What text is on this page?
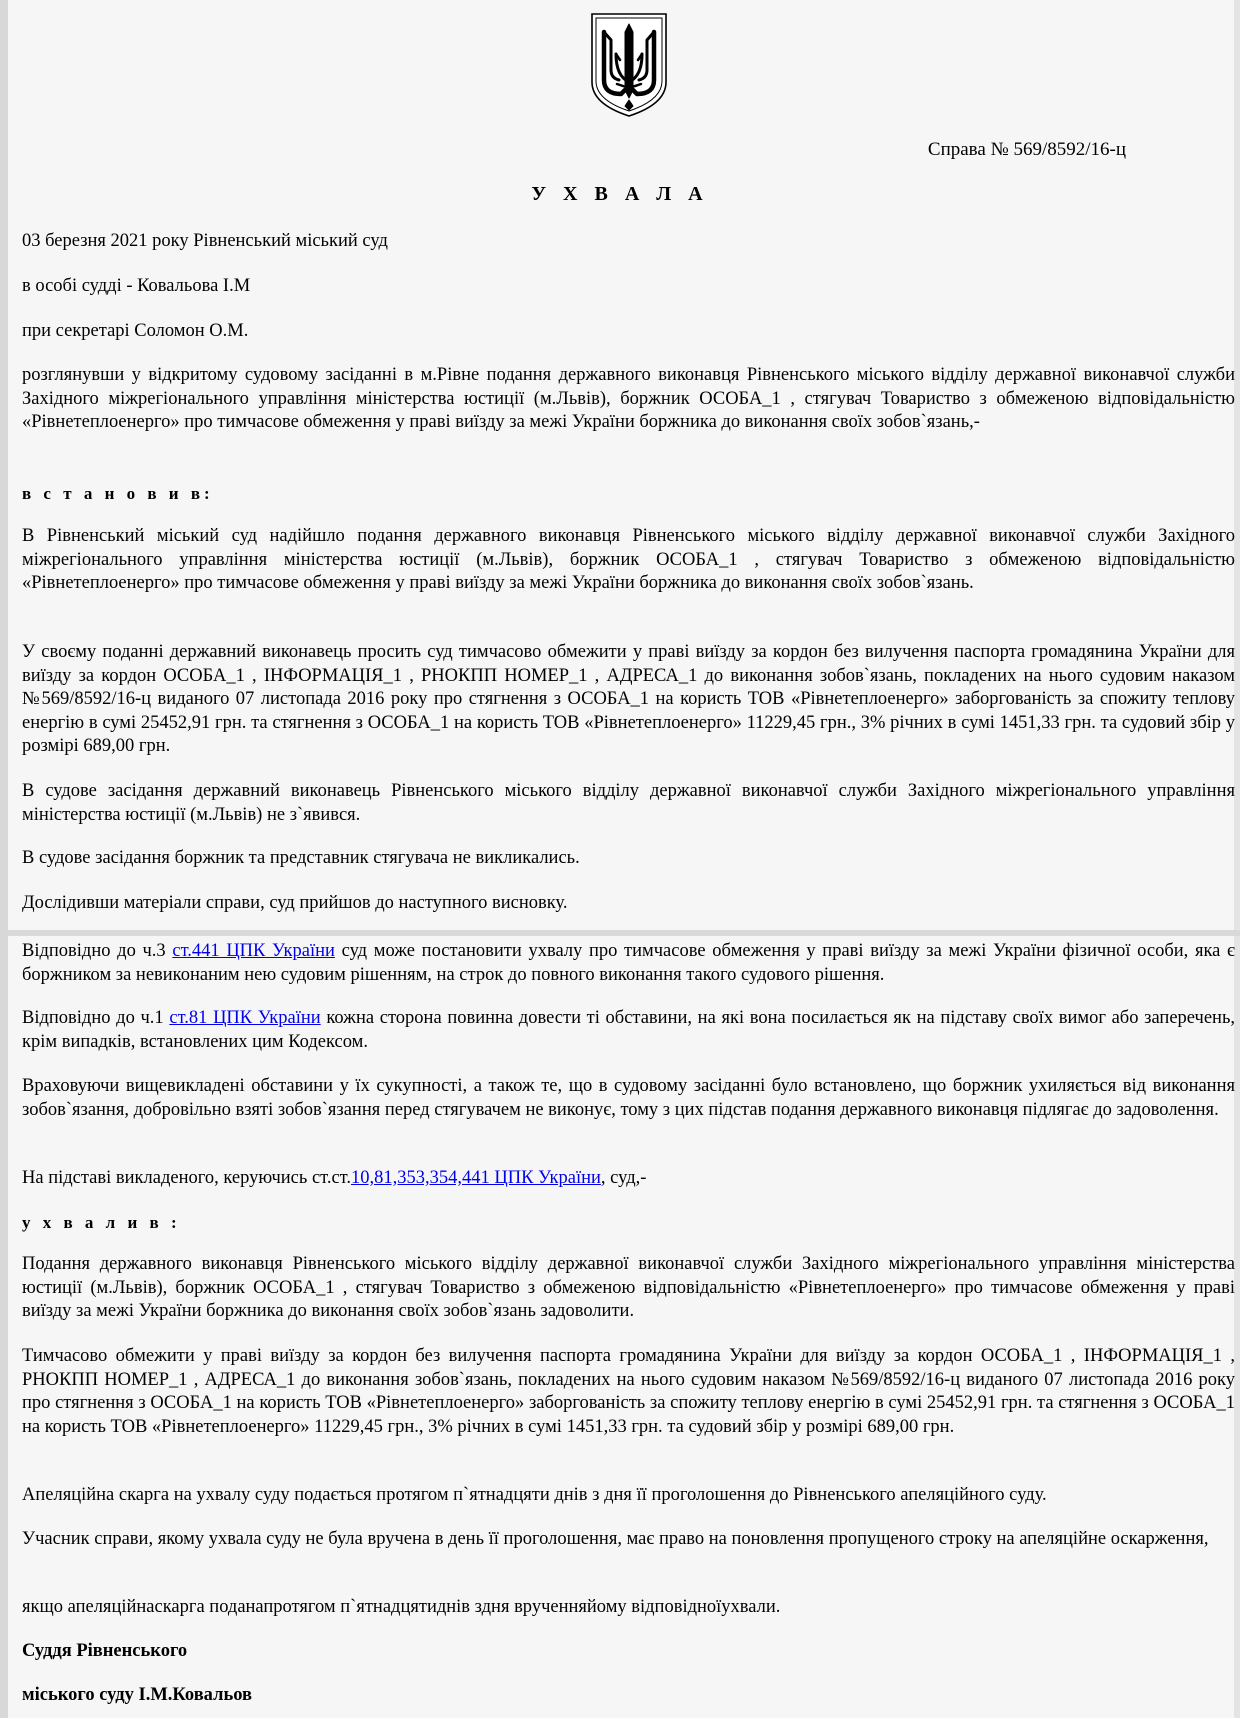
Справа № 569/8592/16-ц
У Х В А Л А
03 березня 2021 року Рівненський міський суд
в особі судді - Ковальова І.М
при секретарі Соломон О.М.
розглянувши у відкритому судовому засіданні в м.Рівне подання державного виконавця Рівненського міського відділу державної виконавчої служби Західного міжрегіонального управління міністерства юстиції (м.Львів), боржник ОСОБА_1 , стягувач Товариство з обмеженою відповідальністю «Рівнетеплоенерго» про тимчасове обмеження у праві виїзду за межі України боржника до виконання своїх зобов`язань,-
в с т а н о в и в:
В Рівненський міський суд надійшло подання державного виконавця Рівненського міського відділу державної виконавчої служби Західного міжрегіонального управління міністерства юстиції (м.Львів), боржник ОСОБА_1 , стягувач Товариство з обмеженою відповідальністю «Рівнетеплоенерго» про тимчасове обмеження у праві виїзду за межі України боржника до виконання своїх зобов`язань.
У своєму поданні державний виконавець просить суд тимчасово обмежити у праві виїзду за кордон без вилучення паспорта громадянина України для виїзду за кордон ОСОБА_1 , ІНФОРМАЦІЯ_1 , РНОКПП НОМЕР_1 , АДРЕСА_1 до виконання зобов`язань, покладених на нього судовим наказом №569/8592/16-ц виданого 07 листопада 2016 року про стягнення з ОСОБА_1 на користь ТОВ «Рівнетеплоенерго» заборгованість за спожиту теплову енергію в сумі 25452,91 грн. та стягнення з ОСОБА_1 на користь ТОВ «Рівнетеплоенерго» 11229,45 грн., 3% річних в сумі 1451,33 грн. та судовий збір у розмірі 689,00 грн.
В судове засідання державний виконавець Рівненського міського відділу державної виконавчої служби Західного міжрегіонального управління міністерства юстиції (м.Львів) не з`явився.
В судове засідання боржник та представник стягувача не викликались.
Дослідивши матеріали справи, суд прийшов до наступного висновку.
Відповідно до ч.3 ст.441 ЦПК України суд може постановити ухвалу про тимчасове обмеження у праві виїзду за межі України фізичної особи, яка є боржником за невиконаним нею судовим рішенням, на строк до повного виконання такого судового рішення.
Відповідно до ч.1 ст.81 ЦПК України кожна сторона повинна довести ті обставини, на які вона посилається як на підставу своїх вимог або заперечень, крім випадків, встановлених цим Кодексом.
Враховуючи вищевикладені обставини у їх сукупності, а також те, що в судовому засіданні було встановлено, що боржник ухиляється від виконання зобов`язання, добровільно взяті зобов`язання перед стягувачем не виконує, тому з цих підстав подання державного виконавця підлягає до задоволення.
На підставі викладеного, керуючись ст.ст.10,81,353,354,441 ЦПК України, суд,-
у х в а л и в :
Подання державного виконавця Рівненського міського відділу державної виконавчої служби Західного міжрегіонального управління міністерства юстиції (м.Львів), боржник ОСОБА_1 , стягувач Товариство з обмеженою відповідальністю «Рівнетеплоенерго» про тимчасове обмеження у праві виїзду за межі України боржника до виконання своїх зобов`язань задоволити.
Тимчасово обмежити у праві виїзду за кордон без вилучення паспорта громадянина України для виїзду за кордон ОСОБА_1 , ІНФОРМАЦІЯ_1 , РНОКПП НОМЕР_1 , АДРЕСА_1 до виконання зобов`язань, покладених на нього судовим наказом №569/8592/16-ц виданого 07 листопада 2016 року про стягнення з ОСОБА_1 на користь ТОВ «Рівнетеплоенерго» заборгованість за спожиту теплову енергію в сумі 25452,91 грн. та стягнення з ОСОБА_1 на користь ТОВ «Рівнетеплоенерго» 11229,45 грн., 3% річних в сумі 1451,33 грн. та судовий збір у розмірі 689,00 грн.
Апеляційна скарга на ухвалу суду подається протягом п`ятнадцяти днів з дня її проголошення до Рівненського апеляційного суду.
Учасник справи, якому ухвала суду не була вручена в день її проголошення, має право на поновлення пропущеного строку на апеляційне оскарження,
якщо апеляційнаскарга поданапротягом п`ятнадцятиднів здня врученняйому відповідноїухвали.
Суддя Рівненського
міського суду І.М.Ковальов
